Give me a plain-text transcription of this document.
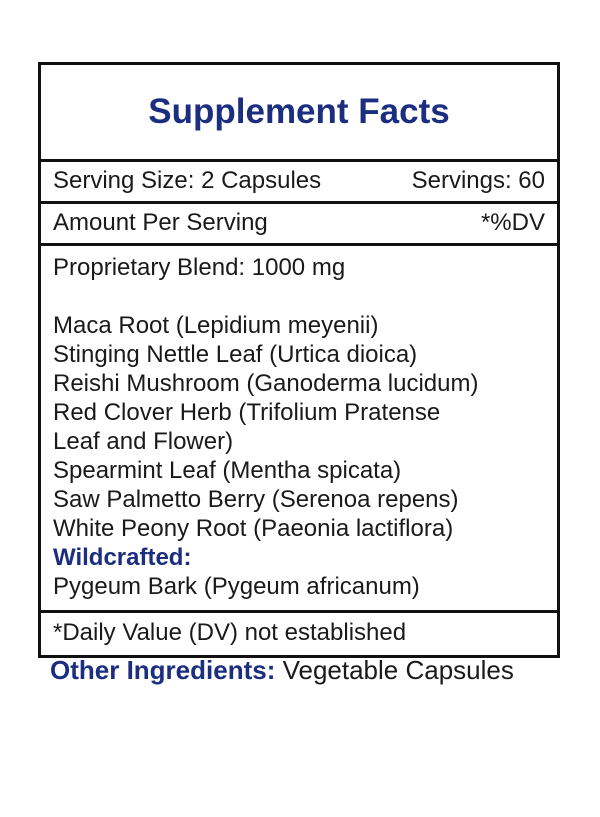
Supplement Facts
Serving Size: 2 Capsules	Servings: 60
Amount Per Serving	*%DV
Proprietary Blend: 1000 mg
Maca Root (Lepidium meyenii)
Stinging Nettle Leaf (Urtica dioica)
Reishi Mushroom (Ganoderma lucidum)
Red Clover Herb (Trifolium Pratense
Leaf and Flower)
Spearmint Leaf (Mentha spicata)
Saw Palmetto Berry (Serenoa repens)
White Peony Root (Paeonia lactiflora)
Wildcrafted:
Pygeum Bark (Pygeum africanum)
*Daily Value (DV) not established
Other Ingredients: Vegetable Capsules
